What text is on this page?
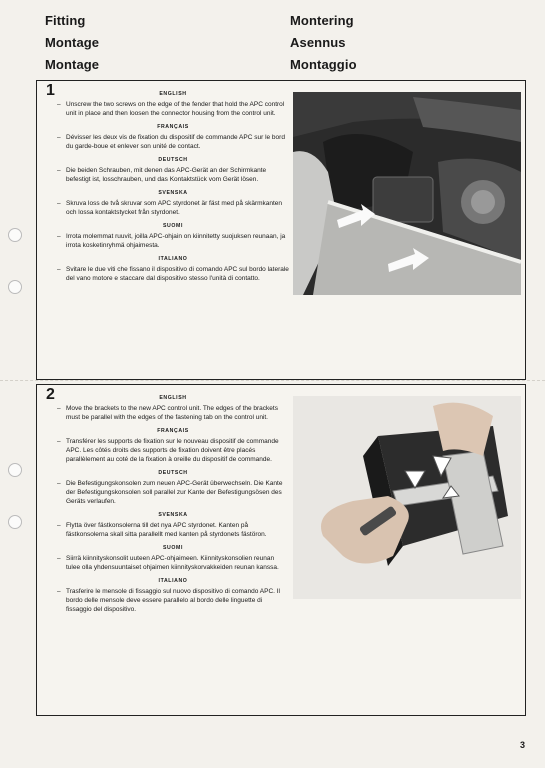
Fitting
Montage
Montage
Montering
Asennus
Montaggio
1	ENGLISH
– Unscrew the two screws on the edge of the fender that hold the APC control unit in place and then loosen the connector housing from the control unit.
FRANÇAIS
– Dévisser les deux vis de fixation du dispositif de commande APC sur le bord du garde-boue et enlever son unité de contact.
DEUTSCH
– Die beiden Schrauben, mit denen das APC-Gerät an der Schirmkante befestigt ist, losschrauben, und das Kontaktstück vom Gerät lösen.
SVENSKA
– Skruva loss de två skruvar som APC styrdonet är fäst med på skärmkanten och lossa kontaktstycket från styrdonet.
SUOMI
– Irrota molemmat ruuvit, joilla APC-ohjain on kiinnitetty suojuksen reunaan, ja irrota kosketinryhmä ohjaimesta.
ITALIANO
– Svitare le due viti che fissano il dispositivo di comando APC sul bordo laterale del vano motore e staccare dal dispositivo stesso l'unità di contatto.
2	ENGLISH
– Move the brackets to the new APC control unit. The edges of the brackets must be parallel with the edges of the fastening tab on the control unit.
FRANÇAIS
– Transférer les supports de fixation sur le nouveau dispositif de commande APC. Les côtés droits des supports de fixation doivent être placés parallèlement au coté de la fixation à oreille du dispositif de commande.
DEUTSCH
– Die Befestigungskonsolen zum neuen APC-Gerät überwechseln. Die Kante der Befestigungskonsolen soll parallel zur Kante der Befestigungsösen des Geräts verlaufen.
SVENSKA
– Flytta över fästkonsolerna till det nya APC styrdonet. Kanten på fästkonsolerna skall sitta parallellt med kanten på styrdonets fästöron.
SUOMI
– Siirrä kiinnityskonsolit uuteen APC-ohjaimeen. Kiinnityskonsolien reunan tulee olla yhdensuuntaiset ohjaimen kiinnityskorvakkeiden reunan kanssa.
ITALIANO
– Trasferire le mensole di fissaggio sul nuovo dispositivo di comando APC. Il bordo delle mensole deve essere parallelo al bordo delle linguette di fissaggio del dispositivo.
3
